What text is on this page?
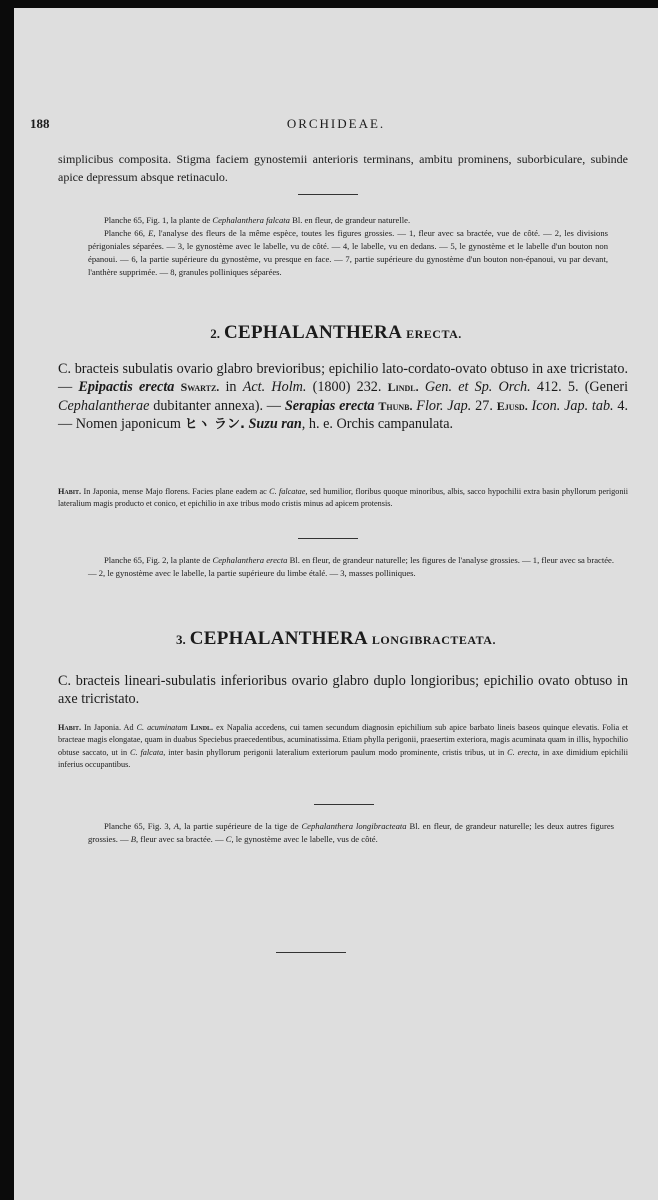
188	ORCHIDEAE.
simplicibus composita. Stigma faciem gynostemii anterioris terminans, ambitu prominens, suborbiculare, subinde apice depressum absque retinaculo.

Planche 65, Fig. 1, la plante de Cephalanthera falcata Bl. en fleur, de grandeur naturelle.

Planche 66, E, l'analyse des fleurs de la même espèce, toutes les figures grossies. — 1, fleur avec sa bractée, vue de côté. — 2, les divisions périgoniales séparées. — 3, le gynostème avec le labelle, vu de côté. — 4, le labelle, vu en dedans. — 5, le gynostème et le labelle d'un bouton non épanoui. — 6, la partie supérieure du gynostème, vu presque en face. — 7, partie supérieure du gynostème d'un bouton non-épanoui, vu par devant, l'anthère supprimée. — 8, granules polliniques séparées.

2. CEPHALANTHERA ERECTA.
C. bracteis subulatis ovario glabro brevioribus; epichilio lato-cordato-ovato obtuso in axe tricristato. — Epipactis erecta Swartz. in Act. Holm. (1800) 232. Lindl. Gen. et Sp. Orch. 412. 5. (Generi Cephalantherae dubitanter annexa). — Serapias erecta Thunb. Flor. Jap. 27. Ejusd. Icon. Jap. tab. 4. — Nomen japonicum ヒヽ ラン. Suzu ran, h. e. Orchis campanulata.
Habit. In Japonia, mense Majo florens. Facies plane eadem ac C. falcatae, sed humilior, floribus quoque minoribus, albis, sacco hypochilii extra basin phyllorum perigonii lateralium magis producto et conico, et epichilio in axe tribus modo cristis minus ad apicem protensis.

Planche 65, Fig. 2, la plante de Cephalanthera erecta Bl. en fleur, de grandeur naturelle; les figures de l'analyse grossies. — 1, fleur avec sa bractée. — 2, le gynostème avec le labelle, la partie supérieure du limbe étalé. — 3, masses polliniques.

3. CEPHALANTHERA LONGIBRACTEATA.
C. bracteis lineari-subulatis inferioribus ovario glabro duplo longioribus; epichilio ovato obtuso in axe tricristato.
Habit. In Japonia. Ad C. acuminatam Lindl. ex Napalia accedens, cui tamen secundum diagnosin epichilium sub apice barbato lineis baseos quinque elevatis. Folia et bracteae magis elongatae, quam in duabus Speciebus praecedentibus, acuminatissima. Etiam phylla perigonii, praesertim exteriora, magis acuminata quam in illis, hypochilio obtuse saccato, ut in C. falcata, inter basin phyllorum perigonii lateralium exteriorum paulum modo prominente, cristis tribus, ut in C. erecta, in axe dimidium epichilii inferius occupantibus.

Planche 65, Fig. 3, A, la partie supérieure de la tige de Cephalanthera longibracteata Bl. en fleur, de grandeur naturelle; les deux autres figures grossies. — B, fleur avec sa bractée. — C, le gynostème avec le labelle, vus de côté.
